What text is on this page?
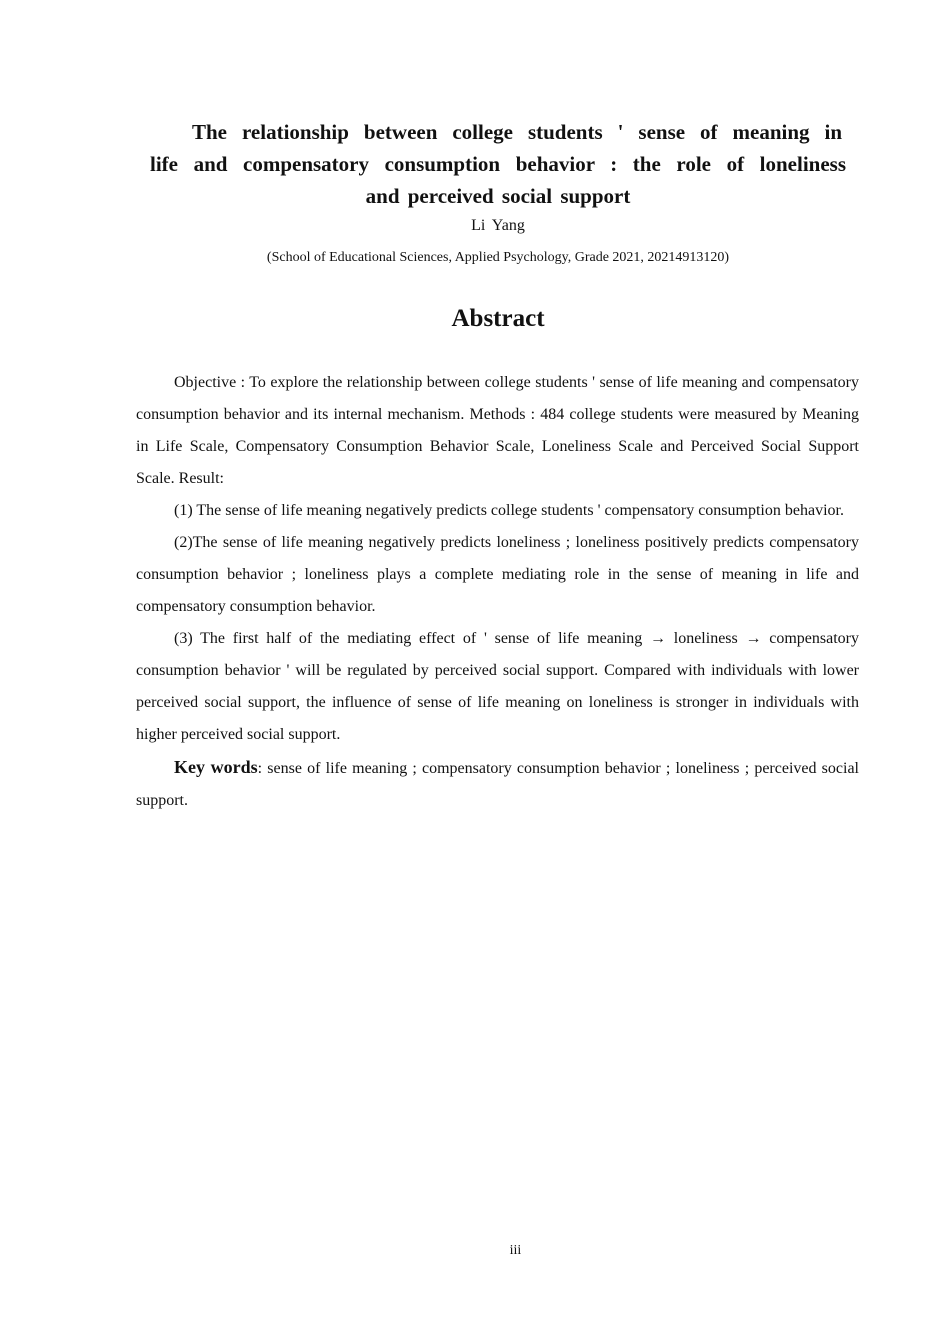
The relationship between college students ' sense of meaning in
life and compensatory consumption behavior : the role of loneliness
and perceived social support
Li Yang
(School of Educational Sciences, Applied Psychology, Grade 2021, 20214913120)
Abstract

Objective : To explore the relationship between college students ' sense of life meaning and compensatory consumption behavior and its internal mechanism. Methods : 484 college students were measured by Meaning in Life Scale, Compensatory Consumption Behavior Scale, Loneliness Scale and Perceived Social Support Scale. Result:

(1) The sense of life meaning negatively predicts college students ' compensatory consumption behavior.

(2)The sense of life meaning negatively predicts loneliness ; loneliness positively predicts compensatory consumption behavior ; loneliness plays a complete mediating role in the sense of meaning in life and compensatory consumption behavior.

(3) The first half of the mediating effect of ' sense of life meaning → loneliness → compensatory consumption behavior ' will be regulated by perceived social support. Compared with individuals with lower perceived social support, the influence of sense of life meaning on loneliness is stronger in individuals with higher perceived social support.

Key words: sense of life meaning ; compensatory consumption behavior ; loneliness ; perceived social support.

iii
